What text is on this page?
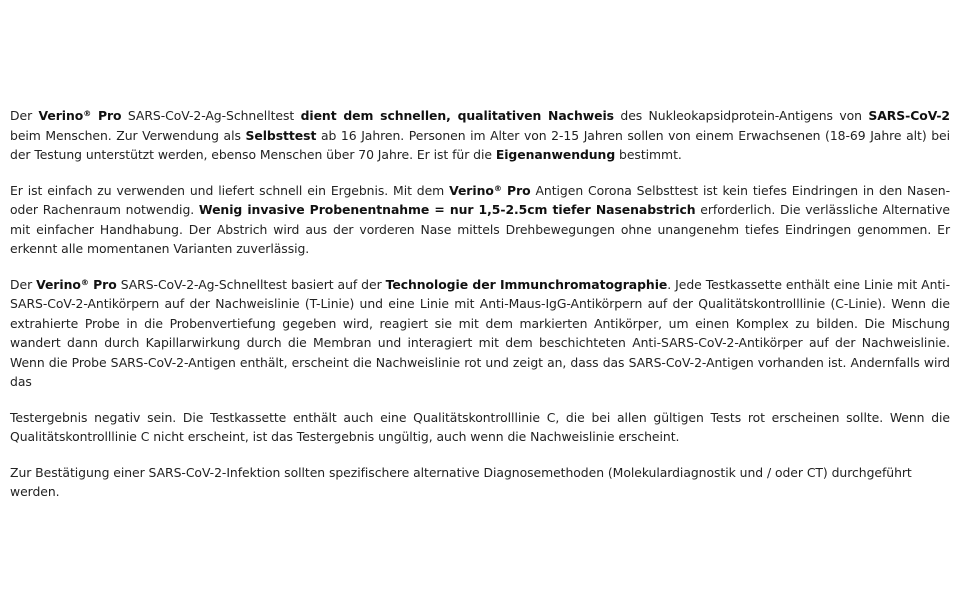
Der Verino® Pro SARS-CoV-2-Ag-Schnelltest dient dem schnellen, qualitativen Nachweis des Nukleokapsidprotein-Antigens von SARS-CoV-2 beim Menschen. Zur Verwendung als Selbsttest ab 16 Jahren. Personen im Alter von 2-15 Jahren sollen von einem Erwachsenen (18-69 Jahre alt) bei der Testung unterstützt werden, ebenso Menschen über 70 Jahre. Er ist für die Eigenanwendung bestimmt.

Er ist einfach zu verwenden und liefert schnell ein Ergebnis. Mit dem Verino® Pro Antigen Corona Selbsttest ist kein tiefes Eindringen in den Nasen- oder Rachenraum notwendig. Wenig invasive Probenentnahme = nur 1,5-2.5cm tiefer Nasenabstrich erforderlich. Die verlässliche Alternative mit einfacher Handhabung. Der Abstrich wird aus der vorderen Nase mittels Drehbewegungen ohne unangenehm tiefes Eindringen genommen. Er erkennt alle momentanen Varianten zuverlässig.

Der Verino® Pro SARS-CoV-2-Ag-Schnelltest basiert auf der Technologie der Immunchromatographie. Jede Testkassette enthält eine Linie mit Anti-SARS-CoV-2-Antikörpern auf der Nachweislinie (T-Linie) und eine Linie mit Anti-Maus-IgG-Antikörpern auf der Qualitätskontrolllinie (C-Linie). Wenn die extrahierte Probe in die Probenvertiefung gegeben wird, reagiert sie mit dem markierten Antikörper, um einen Komplex zu bilden. Die Mischung wandert dann durch Kapillarwirkung durch die Membran und interagiert mit dem beschichteten Anti-SARS-CoV-2-Antikörper auf der Nachweislinie. Wenn die Probe SARS-CoV-2-Antigen enthält, erscheint die Nachweislinie rot und zeigt an, dass das SARS-CoV-2-Antigen vorhanden ist. Andernfalls wird das

Testergebnis negativ sein. Die Testkassette enthält auch eine Qualitätskontrolllinie C, die bei allen gültigen Tests rot erscheinen sollte. Wenn die Qualitätskontrolllinie C nicht erscheint, ist das Testergebnis ungültig, auch wenn die Nachweislinie erscheint.

Zur Bestätigung einer SARS-CoV-2-Infektion sollten spezifischere alternative Diagnosemethoden (Molekulardiagnostik und / oder CT) durchgeführt werden.
